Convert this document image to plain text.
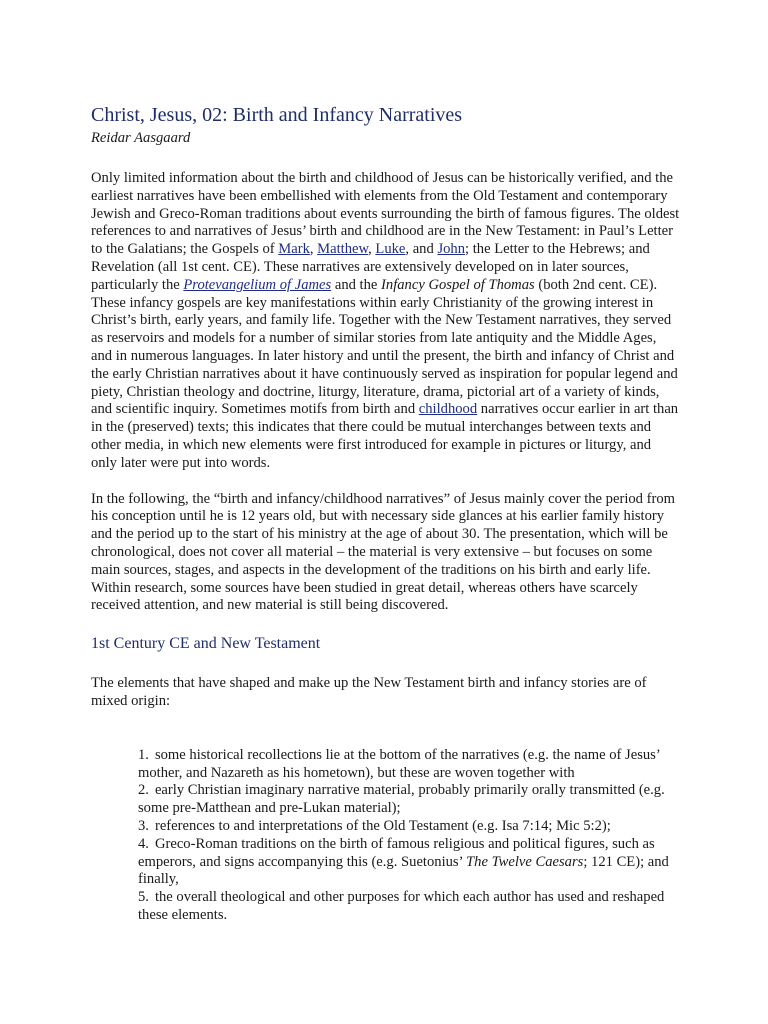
Christ, Jesus, 02: Birth and Infancy Narratives
Reidar Aasgaard

Only limited information about the birth and childhood of Jesus can be historically verified, and the earliest narratives have been embellished with elements from the Old Testament and contemporary Jewish and Greco-Roman traditions about events surrounding the birth of famous figures. The oldest references to and narratives of Jesus’ birth and childhood are in the New Testament: in Paul’s Letter to the Galatians; the Gospels of Mark, Matthew, Luke, and John; the Letter to the Hebrews; and Revelation (all 1st cent. CE). These narratives are extensively developed on in later sources, particularly the Protevangelium of James and the Infancy Gospel of Thomas (both 2nd cent. CE). These infancy gospels are key manifestations within early Christianity of the growing interest in Christ’s birth, early years, and family life. Together with the New Testament narratives, they served as reservoirs and models for a number of similar stories from late antiquity and the Middle Ages, and in numerous languages. In later history and until the present, the birth and infancy of Christ and the early Christian narratives about it have continuously served as inspiration for popular legend and piety, Christian theology and doctrine, liturgy, literature, drama, pictorial art of a variety of kinds, and scientific inquiry. Sometimes motifs from birth and childhood narratives occur earlier in art than in the (preserved) texts; this indicates that there could be mutual interchanges between texts and other media, in which new elements were first introduced for example in pictures or liturgy, and only later were put into words.

In the following, the “birth and infancy/childhood narratives” of Jesus mainly cover the period from his conception until he is 12 years old, but with necessary side glances at his earlier family history and the period up to the start of his ministry at the age of about 30. The presentation, which will be chronological, does not cover all material – the material is very extensive – but focuses on some main sources, stages, and aspects in the development of the traditions on his birth and early life. Within research, some sources have been studied in great detail, whereas others have scarcely received attention, and new material is still being discovered.

1st Century CE and New Testament

The elements that have shaped and make up the New Testament birth and infancy stories are of mixed origin:

1. some historical recollections lie at the bottom of the narratives (e.g. the name of Jesus’ mother, and Nazareth as his hometown), but these are woven together with
2. early Christian imaginary narrative material, probably primarily orally transmitted (e.g. some pre-Matthean and pre-Lukan material);
3. references to and interpretations of the Old Testament (e.g. Isa 7:14; Mic 5:2);
4. Greco-Roman traditions on the birth of famous religious and political figures, such as emperors, and signs accompanying this (e.g. Suetonius’ The Twelve Caesars; 121 CE); and finally,
5. the overall theological and other purposes for which each author has used and reshaped these elements.
